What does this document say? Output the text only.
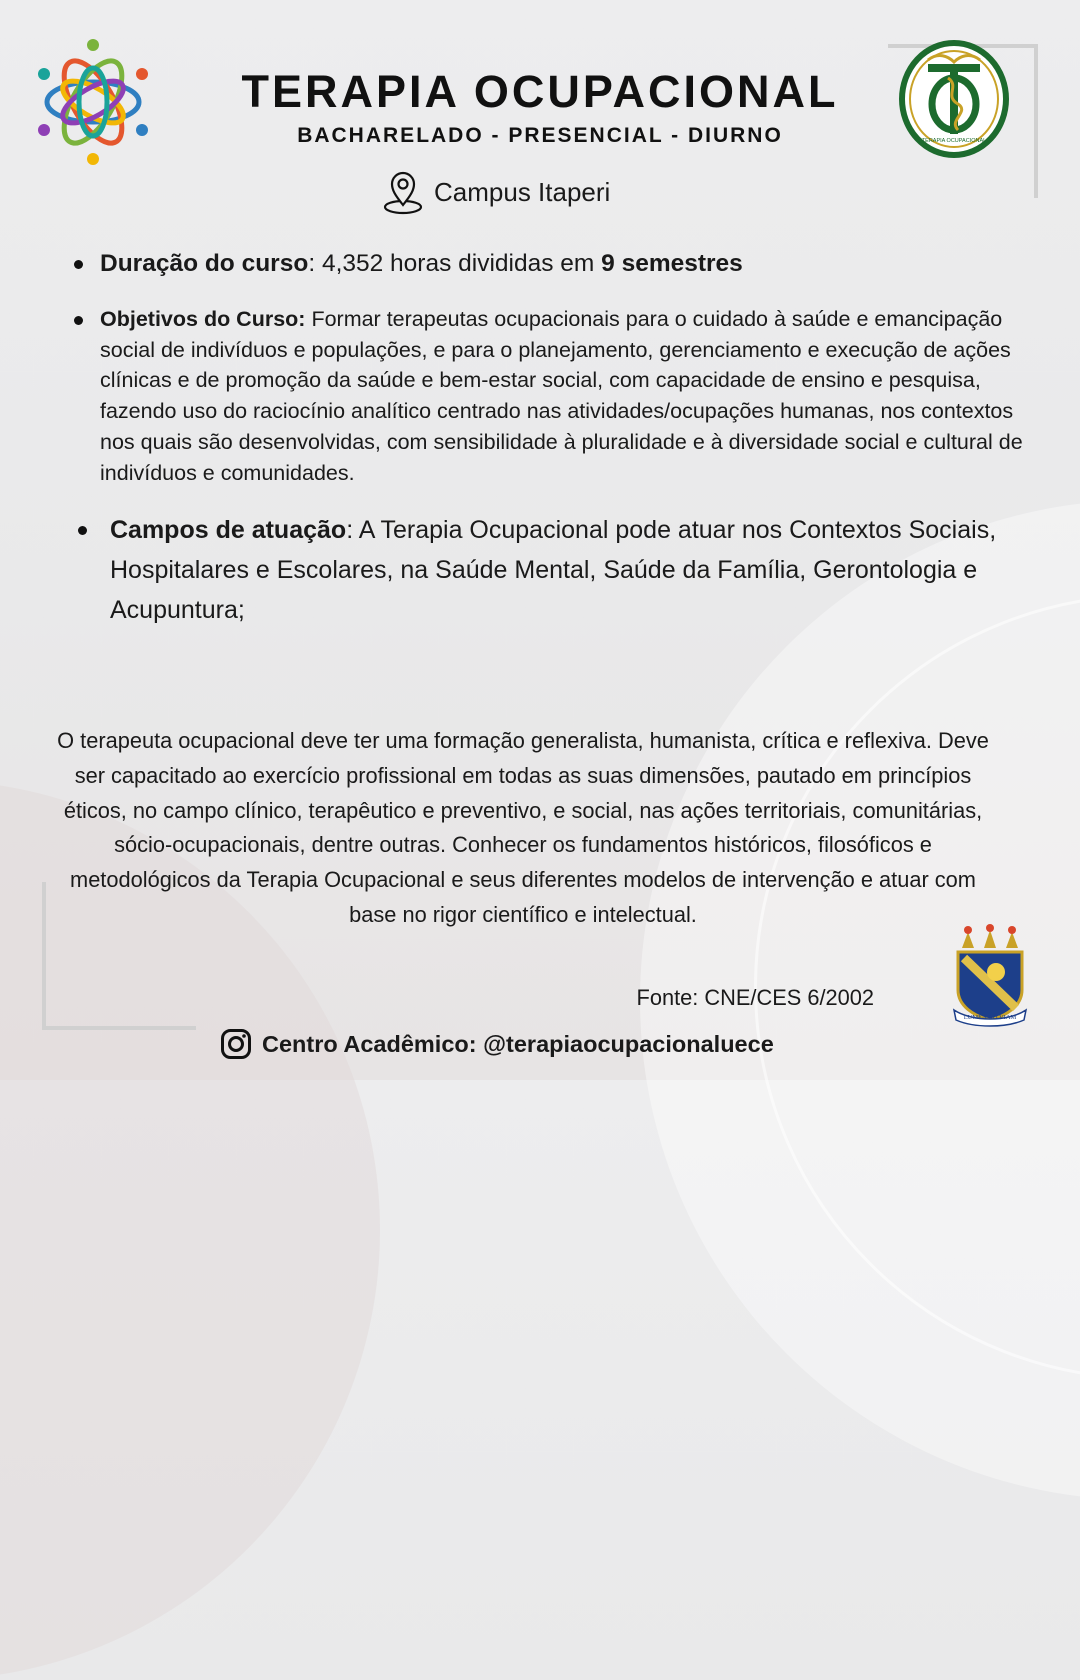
TERAPIA OCUPACIONAL
TERAPIA OCUPACIONAL
BACHARELADO - PRESENCIAL - DIURNO
Campus Itaperi
Duração do curso: 4,352 horas divididas em 9 semestres
Objetivos do Curso: Formar terapeutas ocupacionais para o cuidado à saúde e emancipação social de indivíduos e populações, e para o planejamento, gerenciamento e execução de ações clínicas e de promoção da saúde e bem-estar social, com capacidade de ensino e pesquisa, fazendo uso do raciocínio analítico centrado nas atividades/ocupações humanas, nos contextos nos quais são desenvolvidas, com sensibilidade à pluralidade e à diversidade social e cultural de indivíduos e comunidades.
Campos de atuação: A Terapia Ocupacional pode atuar nos Contextos Sociais, Hospitalares e Escolares, na Saúde Mental, Saúde da Família, Gerontologia e Acupuntura;

O terapeuta ocupacional deve ter uma formação generalista, humanista, crítica e reflexiva. Deve ser capacitado ao exercício profissional em todas as suas dimensões, pautado em princípios éticos, no campo clínico, terapêutico e preventivo, e social, nas ações territoriais, comunitárias, sócio-ocupacionais, dentre outras. Conhecer os fundamentos históricos, filosóficos e metodológicos da Terapia Ocupacional e seus diferentes modelos de intervenção e atuar com base no rigor científico e intelectual.

Fonte: CNE/CES 6/2002

LUMEN AD VIAM
Centro Acadêmico: @terapiaocupacionaluece
